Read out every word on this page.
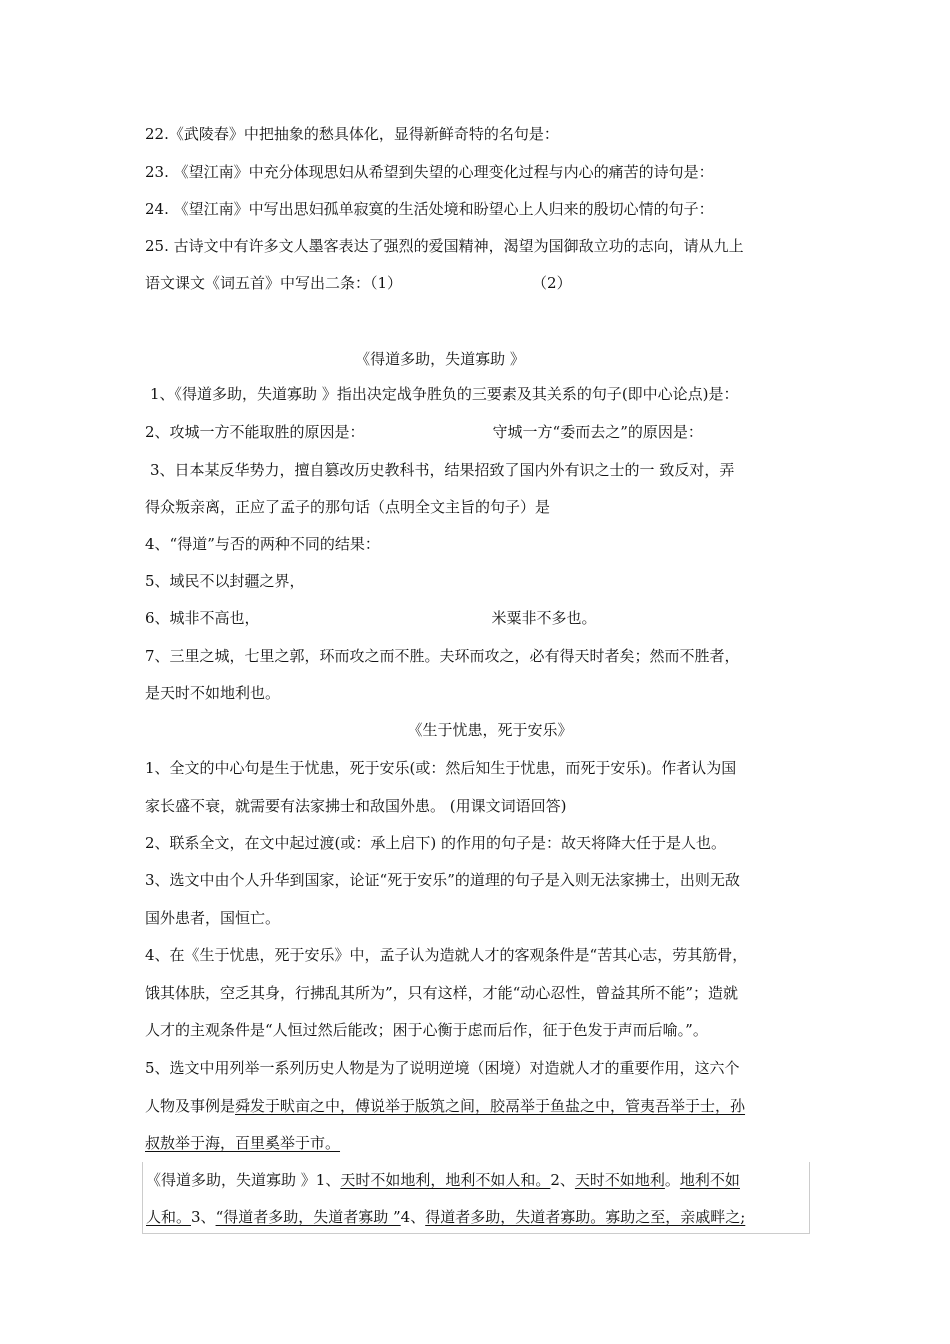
22.《武陵春》中把抽象的愁具体化，显得新鲜奇特的名句是：
23. 《望江南》中充分体现思妇从希望到失望的心理变化过程与内心的痛苦的诗句是：
24. 《望江南》中写出思妇孤单寂寞的生活处境和盼望心上人归来的殷切心情的句子：
25. 古诗文中有许多文人墨客表达了强烈的爱国精神，渴望为国御敌立功的志向，请从九上
语文课文《词五首》中写出二条：（1）	（2）
《得道多助，失道寡助 》
1、《得道多助，失道寡助 》指出决定战争胜负的三要素及其关系的句子(即中心论点)是：
2、攻城一方不能取胜的原因是：	守城一方“委而去之”的原因是：
3、日本某反华势力，擅自篡改历史教科书，结果招致了国内外有识之士的一 致反对，弄
得众叛亲离，正应了孟子的那句话（点明全文主旨的句子）是
4、“得道”与否的两种不同的结果：
5、域民不以封疆之界，
6、城非不高也，	米粟非不多也。
7、三里之城，七里之郭，环而攻之而不胜。夫环而攻之，必有得天时者矣；然而不胜者，
是天时不如地利也。
《生于忧患，死于安乐》
1、全文的中心句是生于忧患，死于安乐(或：然后知生于忧患，而死于安乐)。作者认为国
家长盛不衰，就需要有法家拂士和敌国外患。 (用课文词语回答)
2、联系全文，在文中起过渡(或：承上启下) 的作用的句子是：故天将降大任于是人也。
3、选文中由个人升华到国家，论证“死于安乐”的道理的句子是入则无法家拂士，出则无敌
国外患者，国恒亡。
4、在《生于忧患，死于安乐》中，孟子认为造就人才的客观条件是“苦其心志，劳其筋骨，
饿其体肤，空乏其身，行拂乱其所为”，只有这样，才能“动心忍性，曾益其所不能”；造就
人才的主观条件是“人恒过然后能改；困于心衡于虑而后作，征于色发于声而后喻。”。
5、选文中用列举一系列历史人物是为了说明逆境（困境）对造就人才的重要作用，这六个
人物及事例是舜发于畎亩之中，傅说举于版筑之间，胶鬲举于鱼盐之中，管夷吾举于士，孙
叔敖举于海，百里奚举于市。
《得道多助，失道寡助 》1、天时不如地利，地利不如人和。2、天时不如地利。地利不如
人和。3、“得道者多助，失道者寡助 ”4、得道者多助，失道者寡助。寡助之至，亲戚畔之;
